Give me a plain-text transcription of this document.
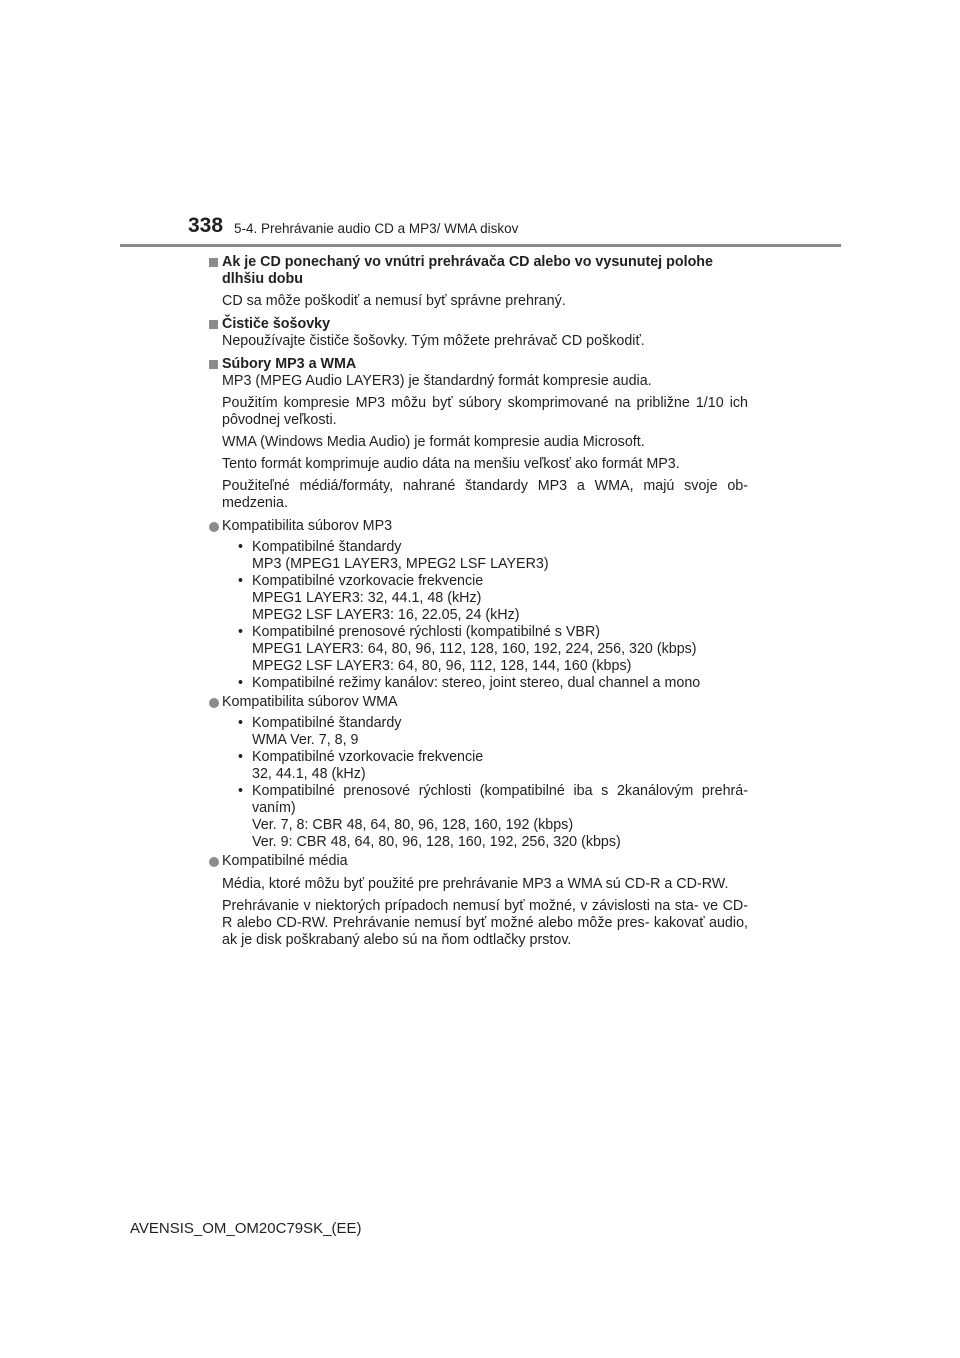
338 5-4. Prehrávanie audio CD a MP3/ WMA diskov
Ak je CD ponechaný vo vnútri prehrávača CD alebo vo vysunutej polohe dlhšiu dobu
CD sa môže poškodiť a nemusí byť správne prehraný.
Čističe šošovky
Nepoužívajte čističe šošovky. Tým môžete prehrávač CD poškodiť.
Súbory MP3 a WMA
MP3 (MPEG Audio LAYER3) je štandardný formát kompresie audia.
Použitím kompresie MP3 môžu byť súbory skomprimované na približne 1/10 ich pôvodnej veľkosti.
WMA (Windows Media Audio) je formát kompresie audia Microsoft.
Tento formát komprimuje audio dáta na menšiu veľkosť ako formát MP3.
Použiteľné médiá/formáty, nahrané štandardy MP3 a WMA, majú svoje ob- medzenia.
Kompatibilita súborov MP3
• Kompatibilné štandardy
MP3 (MPEG1 LAYER3, MPEG2 LSF LAYER3)
• Kompatibilné vzorkovacie frekvencie
MPEG1 LAYER3: 32, 44.1, 48 (kHz)
MPEG2 LSF LAYER3: 16, 22.05, 24 (kHz)
• Kompatibilné prenosové rýchlosti (kompatibilné s VBR)
MPEG1 LAYER3: 64, 80, 96, 112, 128, 160, 192, 224, 256, 320 (kbps)
MPEG2 LSF LAYER3: 64, 80, 96, 112, 128, 144, 160 (kbps)
• Kompatibilné režimy kanálov: stereo, joint stereo, dual channel a mono
Kompatibilita súborov WMA
• Kompatibilné štandardy
WMA Ver. 7, 8, 9
• Kompatibilné vzorkovacie frekvencie
32, 44.1, 48 (kHz)
• Kompatibilné prenosové rýchlosti (kompatibilné iba s 2kanálovým prehrá- vaním)
Ver. 7, 8: CBR 48, 64, 80, 96, 128, 160, 192 (kbps)
Ver. 9: CBR 48, 64, 80, 96, 128, 160, 192, 256, 320 (kbps)
Kompatibilné média
Média, ktoré môžu byť použité pre prehrávanie MP3 a WMA sú CD-R a CD-RW.
Prehrávanie v niektorých prípadoch nemusí byť možné, v závislosti na sta- ve CD-R alebo CD-RW. Prehrávanie nemusí byť možné alebo môže pres- kakovať audio, ak je disk poškrabaný alebo sú na ňom odtlačky prstov.
AVENSIS_OM_OM20C79SK_(EE)
